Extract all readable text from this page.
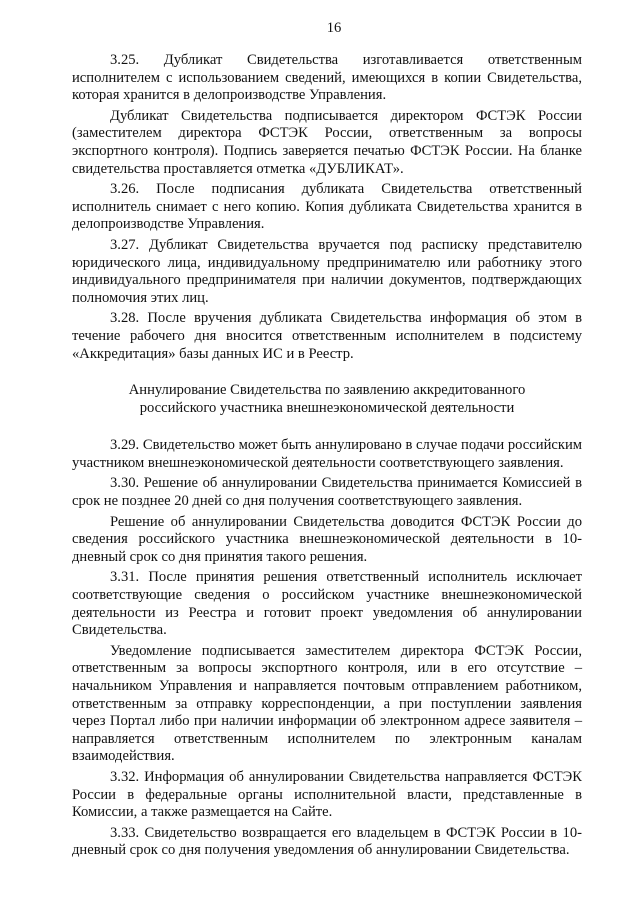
16

3.25. Дубликат Свидетельства изготавливается ответственным исполнителем с использованием сведений, имеющихся в копии Свидетельства, которая хранится в делопроизводстве Управления.

Дубликат Свидетельства подписывается директором ФСТЭК России (заместителем директора ФСТЭК России, ответственным за вопросы экспортного контроля). Подпись заверяется печатью ФСТЭК России. На бланке свидетельства проставляется отметка «ДУБЛИКАТ».

3.26. После подписания дубликата Свидетельства ответственный исполнитель снимает с него копию. Копия дубликата Свидетельства хранится в делопроизводстве Управления.

3.27. Дубликат Свидетельства вручается под расписку представителю юридического лица, индивидуальному предпринимателю или работнику этого индивидуального предпринимателя при наличии документов, подтверждающих полномочия этих лиц.

3.28. После вручения дубликата Свидетельства информация об этом в течение рабочего дня вносится ответственным исполнителем в подсистему «Аккредитация» базы данных ИС и в Реестр.

Аннулирование Свидетельства по заявлению аккредитованного российского участника внешнеэкономической деятельности

3.29. Свидетельство может быть аннулировано в случае подачи российским участником внешнеэкономической деятельности соответствующего заявления.

3.30. Решение об аннулировании Свидетельства принимается Комиссией в срок не позднее 20 дней со дня получения соответствующего заявления.

Решение об аннулировании Свидетельства доводится ФСТЭК России до сведения российского участника внешнеэкономической деятельности в 10-дневный срок со дня принятия такого решения.

3.31. После принятия решения ответственный исполнитель исключает соответствующие сведения о российском участнике внешнеэкономической деятельности из Реестра и готовит проект уведомления об аннулировании Свидетельства.

Уведомление подписывается заместителем директора ФСТЭК России, ответственным за вопросы экспортного контроля, или в его отсутствие – начальником Управления и направляется почтовым отправлением работником, ответственным за отправку корреспонденции, а при поступлении заявления через Портал либо при наличии информации об электронном адресе заявителя – направляется ответственным исполнителем по электронным каналам взаимодействия.

3.32. Информация об аннулировании Свидетельства направляется ФСТЭК России в федеральные органы исполнительной власти, представленные в Комиссии, а также размещается на Сайте.

3.33. Свидетельство возвращается его владельцем в ФСТЭК России в 10-дневный срок со дня получения уведомления об аннулировании Свидетельства.
